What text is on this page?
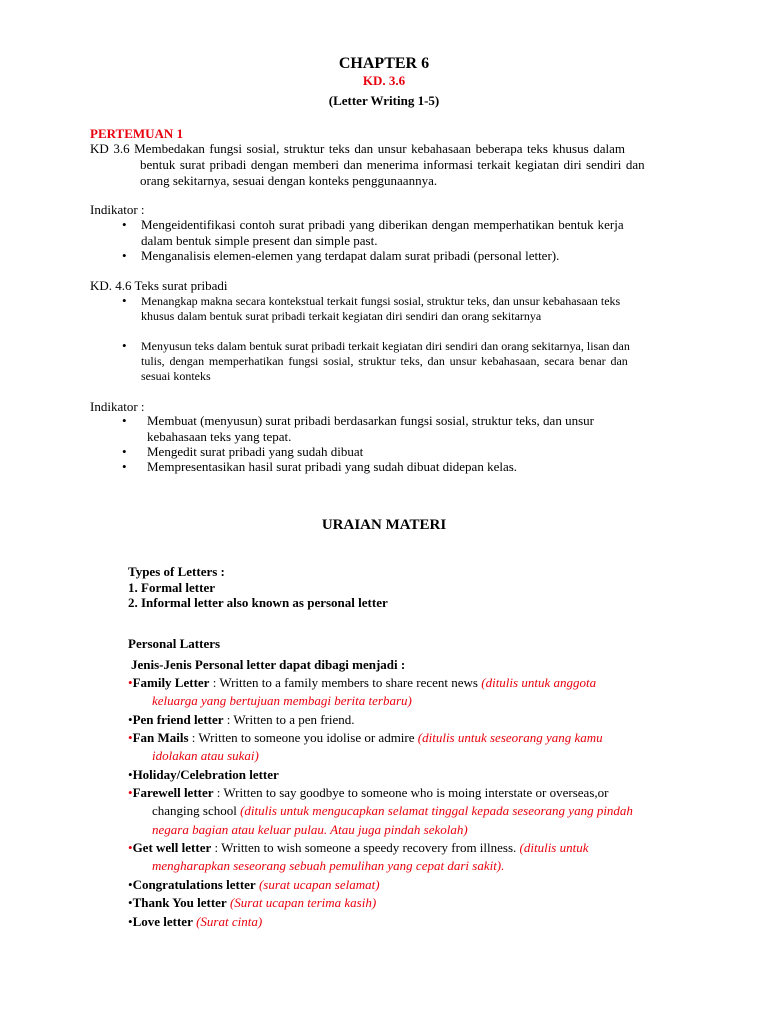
CHAPTER 6
KD. 3.6
(Letter Writing 1-5)
PERTEMUAN 1
KD 3.6 Membedakan fungsi sosial, struktur teks dan unsur kebahasaan beberapa teks khusus dalam
bentuk surat pribadi dengan memberi dan menerima informasi terkait kegiatan diri sendiri dan
orang sekitarnya, sesuai dengan konteks penggunaannya.
Indikator :
• Mengeidentifikasi contoh surat pribadi yang diberikan dengan memperhatikan bentuk kerja
dalam bentuk simple present dan simple past.
• Menganalisis elemen-elemen yang terdapat dalam surat pribadi (personal letter).
KD. 4.6 Teks surat pribadi
• Menangkap makna secara kontekstual terkait fungsi sosial, struktur teks, dan unsur kebahasaan teks
khusus dalam bentuk surat pribadi terkait kegiatan diri sendiri dan orang sekitarnya
• Menyusun teks dalam bentuk surat pribadi terkait kegiatan diri sendiri dan orang sekitarnya, lisan dan
tulis, dengan memperhatikan fungsi sosial, struktur teks, dan unsur kebahasaan, secara benar dan
sesuai konteks
Indikator :
• Membuat (menyusun) surat pribadi berdasarkan fungsi sosial, struktur teks, dan unsur
kebahasaan teks yang tepat.
• Mengedit surat pribadi yang sudah dibuat
• Mempresentasikan hasil surat pribadi yang sudah dibuat didepan kelas.
URAIAN MATERI
Types of Letters :
1. Formal letter
2. Informal letter also known as personal letter
Personal Latters
Jenis-Jenis Personal letter dapat dibagi menjadi :
•Family Letter : Written to a family members to share recent news (ditulis untuk anggota
keluarga yang bertujuan membagi berita terbaru)
•Pen friend letter : Written to a pen friend.
•Fan Mails : Written to someone you idolise or admire (ditulis untuk seseorang yang kamu
idolakan atau sukai)
•Holiday/Celebration letter
•Farewell letter : Written to say goodbye to someone who is moing interstate or overseas,or
changing school (ditulis untuk mengucapkan selamat tinggal kepada seseorang yang pindah
negara bagian atau keluar pulau. Atau juga pindah sekolah)
•Get well letter : Written to wish someone a speedy recovery from illness. (ditulis untuk
mengharapkan seseorang sebuah pemulihan yang cepat dari sakit).
•Congratulations letter (surat ucapan selamat)
•Thank You letter (Surat ucapan terima kasih)
•Love letter (Surat cinta)
